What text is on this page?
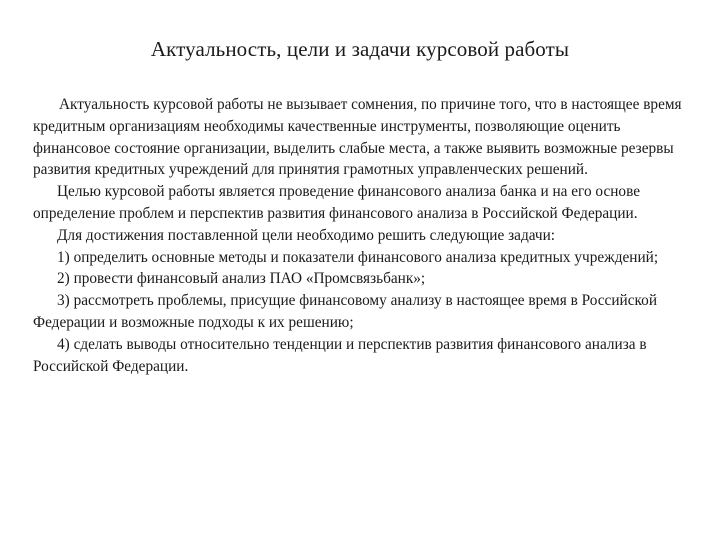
Актуальность, цели и задачи курсовой работы

Актуальность курсовой работы не вызывает сомнения, по причине того, что в настоящее время кредитным организациям необходимы качественные инструменты, позволяющие оценить финансовое состояние организации, выделить слабые места, а также выявить возможные резервы развития кредитных учреждений для принятия грамотных управленческих решений.

Целью курсовой работы является проведение финансового анализа банка и на его основе определение проблем и перспектив развития финансового анализа в Российской Федерации.

Для достижения поставленной цели необходимо решить следующие задачи:

1) определить основные методы и показатели финансового анализа кредитных учреждений;

2) провести финансовый анализ ПАО «Промсвязьбанк»;

3) рассмотреть проблемы, присущие финансовому анализу в настоящее время в Российской Федерации и возможные подходы к их решению;

4) сделать выводы относительно тенденции и перспектив развития финансового анализа в Российской Федерации.
